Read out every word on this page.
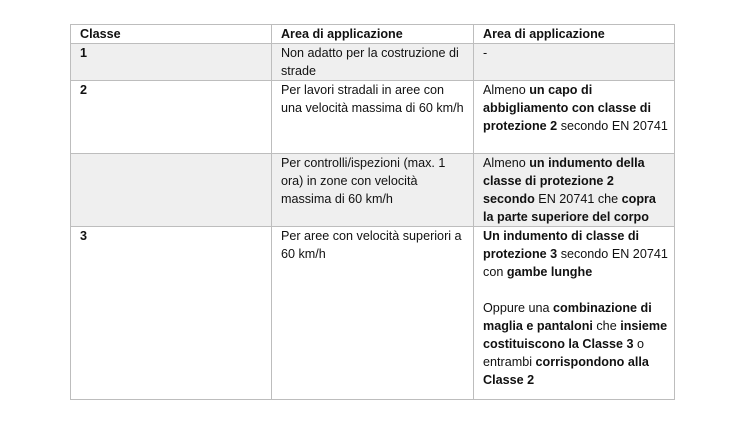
Classe	Area di applicazione	Area di applicazione
1	Non adatto per la costruzione di strade	-
2	Per lavori stradali in aree con una velocità massima di 60 km/h	Almeno un capo di abbigliamento con classe di protezione 2 secondo EN 20741
	Per controlli/ispezioni (max. 1 ora) in zone con velocità massima di 60 km/h	Almeno un indumento della classe di protezione 2 secondo EN 20741 che copra la parte superiore del corpo
3	Per aree con velocità superiori a 60 km/h	Un indumento di classe di protezione 3 secondo EN 20741 con gambe lunghe
Oppure una combinazione di maglia e pantaloni che insieme costituiscono la Classe 3 o entrambi corrispondono alla Classe 2
